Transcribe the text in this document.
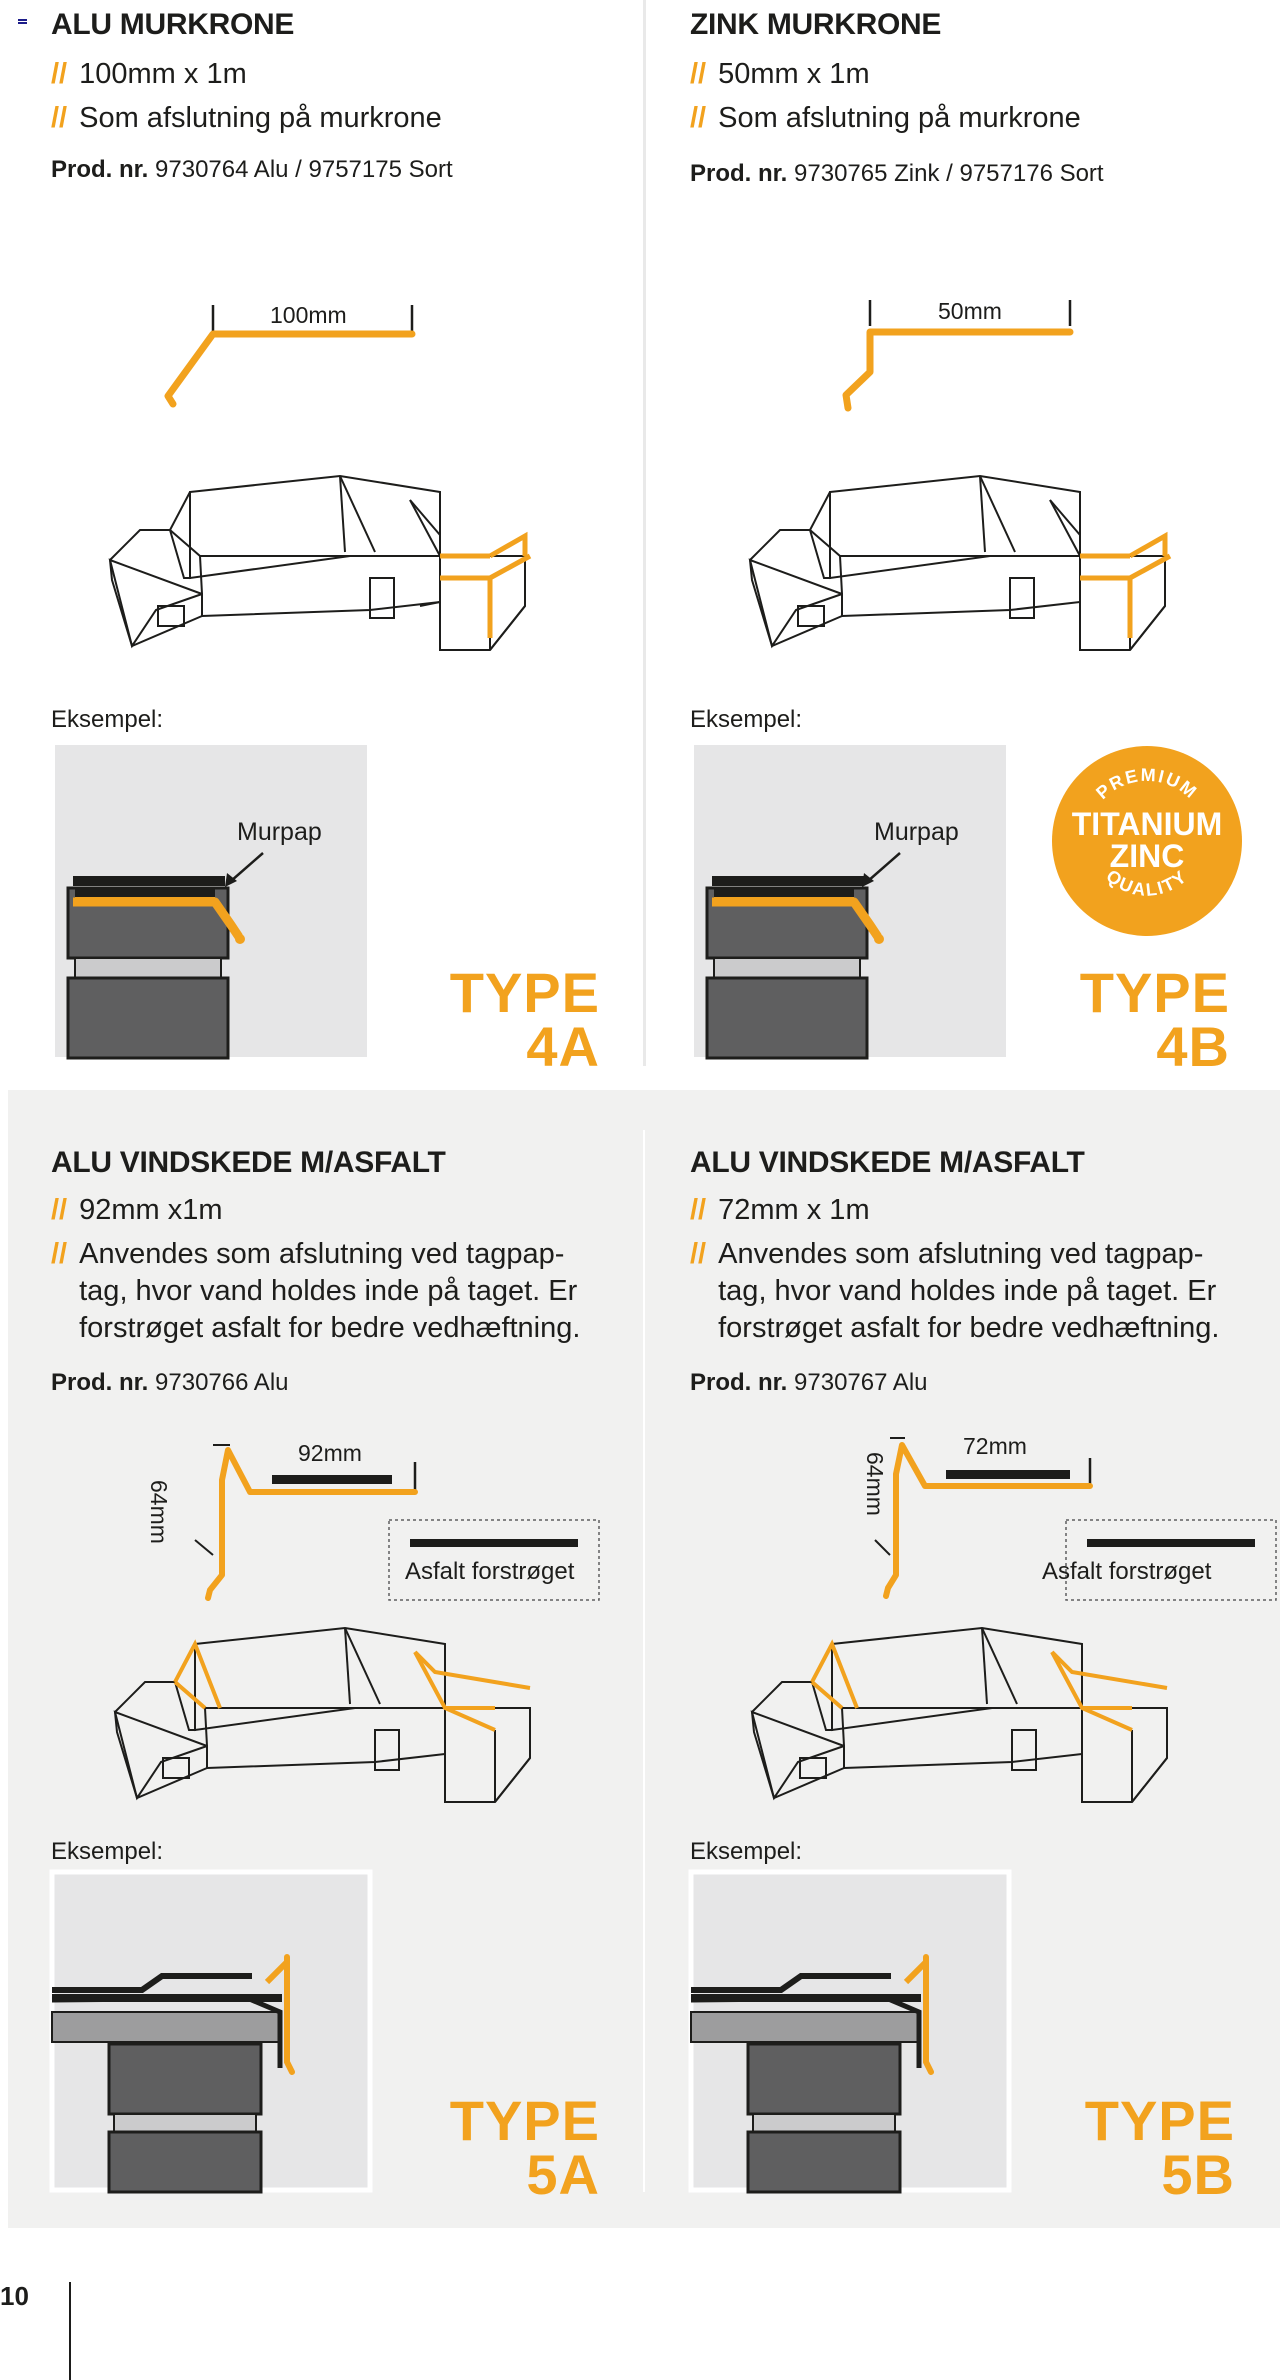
ALU MURKRONE
// 100mm x 1m
// Som afslutning på murkrone
Prod. nr. 9730764 Alu / 9757175 Sort
100mm
Eksempel:
Murpap
TYPE
4A
ZINK MURKRONE
// 50mm x 1m
// Som afslutning på murkrone
Prod. nr. 9730765 Zink / 9757176 Sort
50mm
Eksempel:
Murpap
PREMIUM
QUALITY
TITANIUM
ZINC
TYPE
4B
ALU VINDSKEDE M/ASFALT
// 92mm x1m
// Anvendes som afslutning ved tagpap-
tag, hvor vand holdes inde på taget. Er
forstrøget asfalt for bedre vedhæftning.
Prod. nr. 9730766 Alu
92mm
64mm
Asfalt forstrøget
Eksempel:
TYPE
5A
ALU VINDSKEDE M/ASFALT
// 72mm x 1m
// Anvendes som afslutning ved tagpap-
tag, hvor vand holdes inde på taget. Er
forstrøget asfalt for bedre vedhæftning.
Prod. nr. 9730767 Alu
72mm
64mm
Asfalt forstrøget
Eksempel:
TYPE
5B
10
